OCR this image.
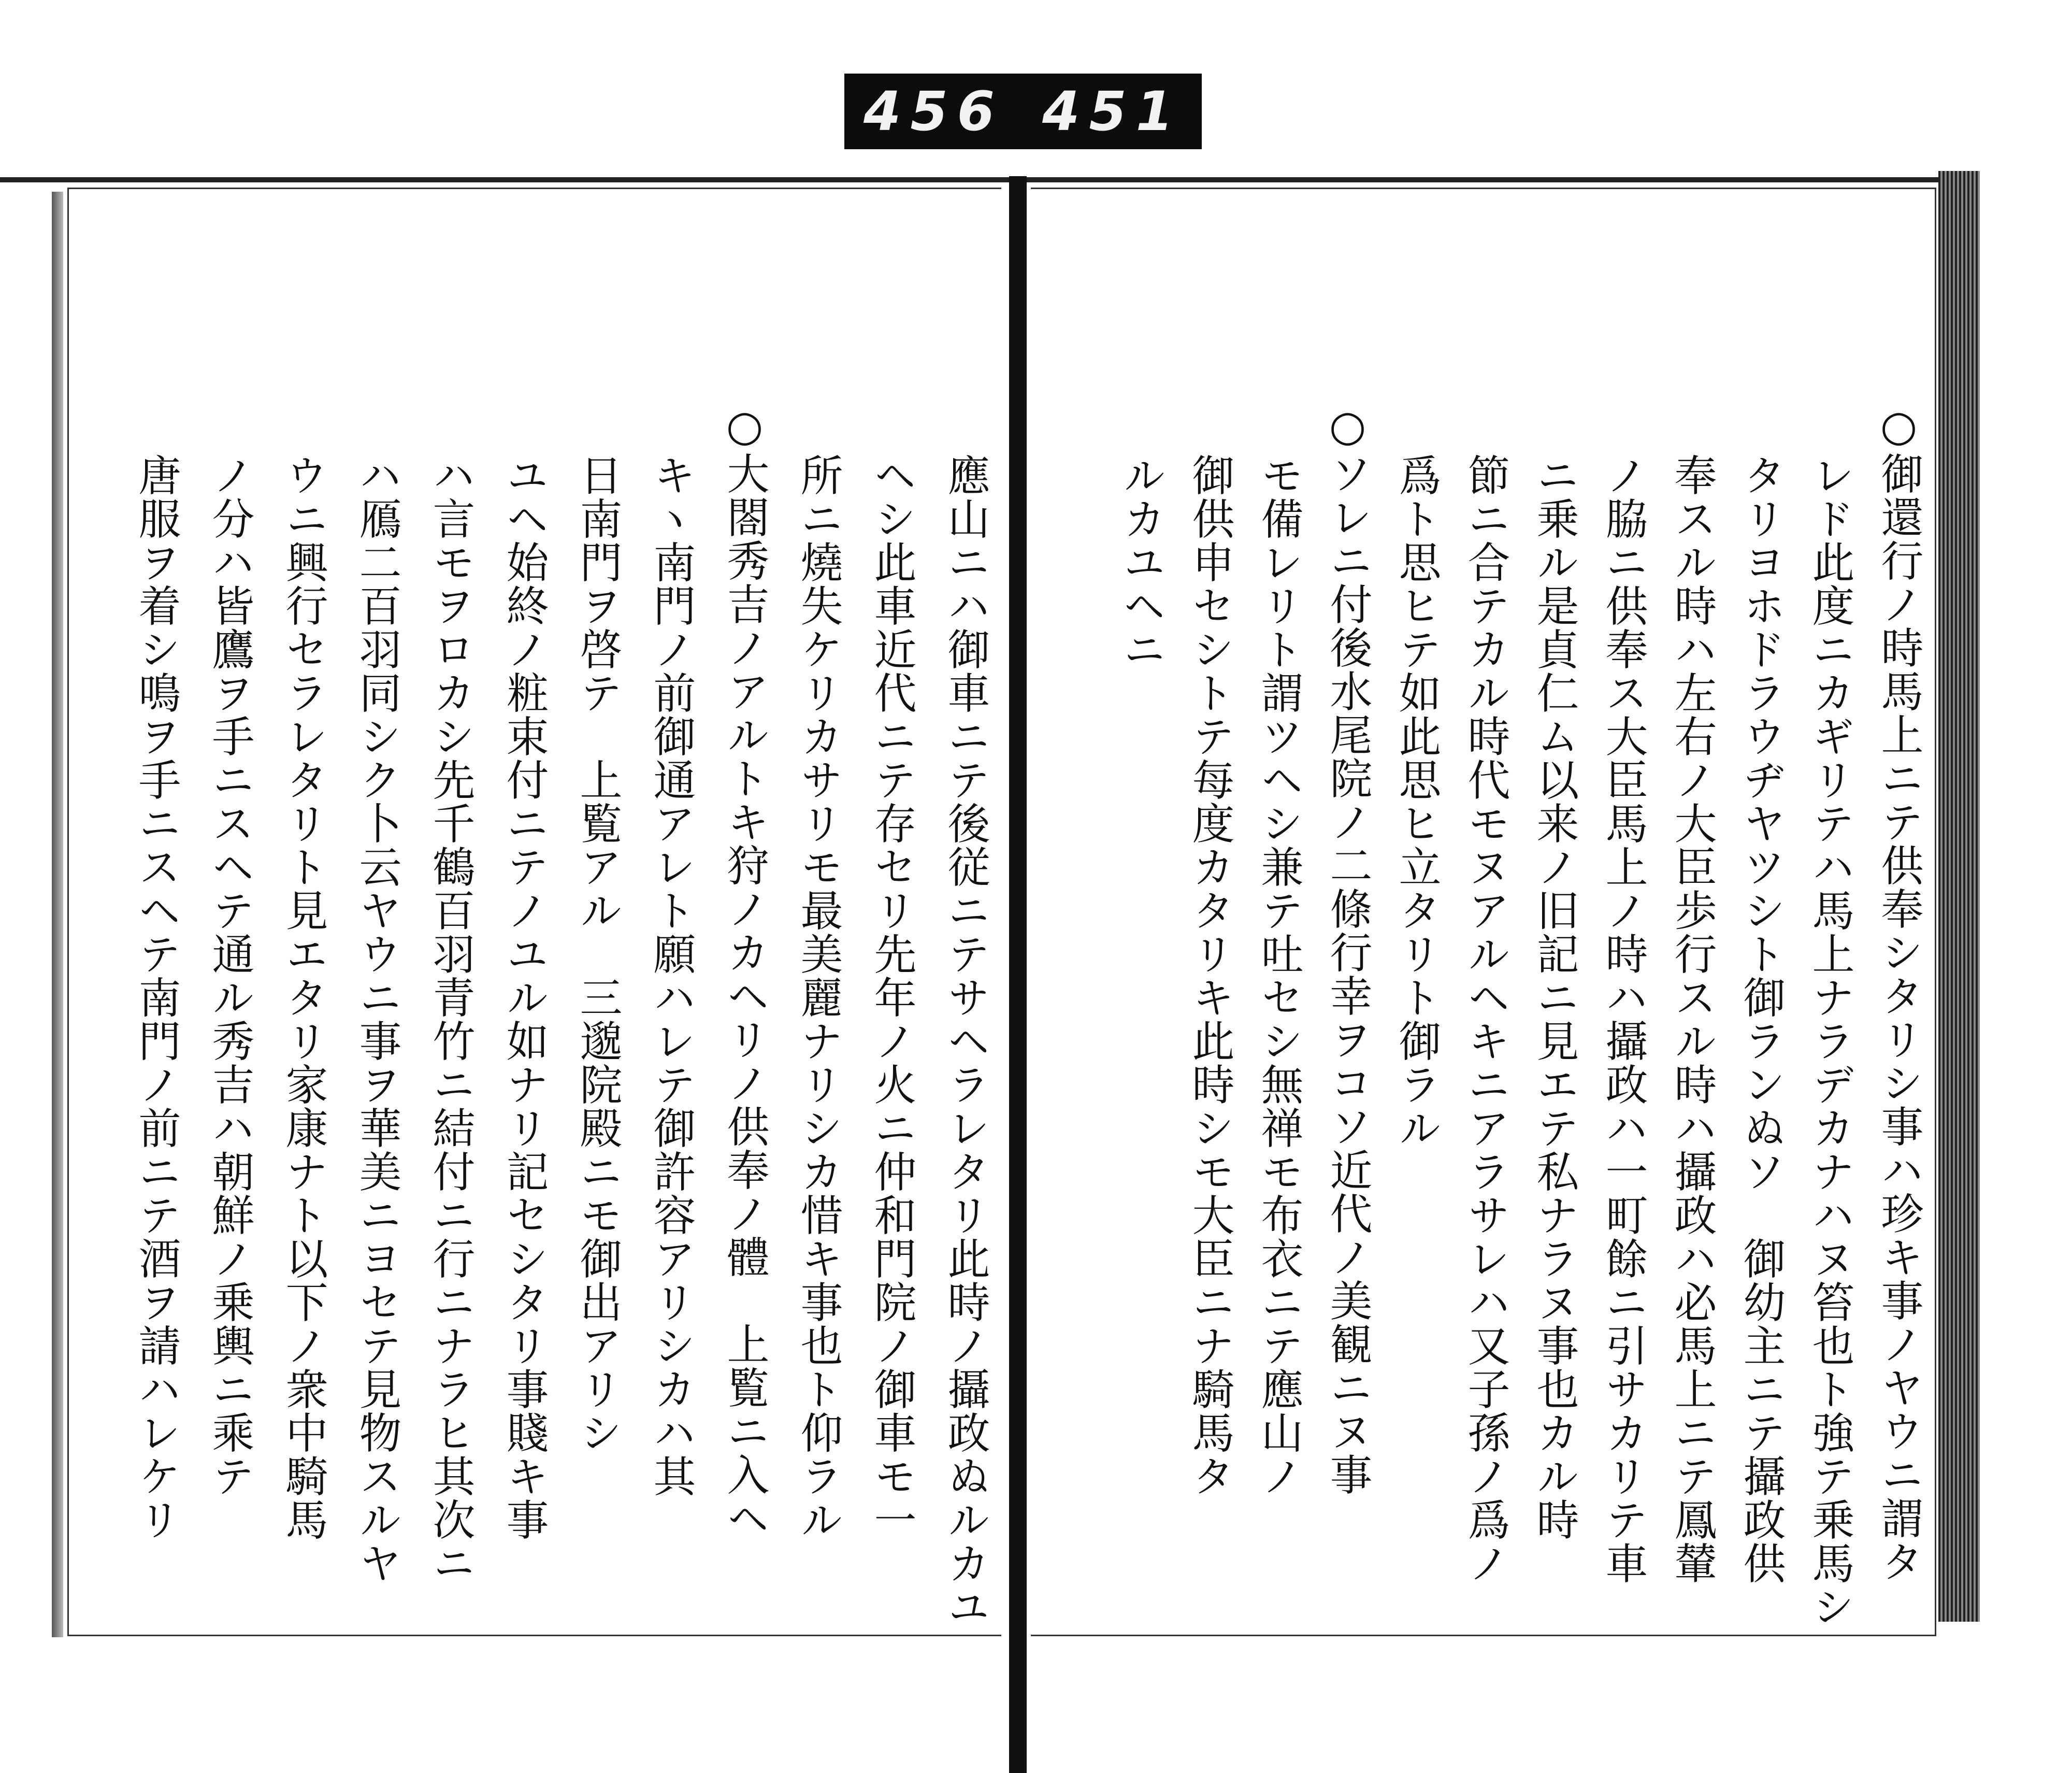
456 451
應山ニハ御車ニテ後従ニテサヘラレタリ此時ノ攝政ぬルカユ
ヘシ此車近代ニテ存セリ先年ノ火ニ仲和門院ノ御車モ一
所ニ燒失ケリカサリモ最美麗ナリシカ惜キ事也ト仰ラル
○大閤秀吉ノアルトキ狩ノカヘリノ供奉ノ體　上覧ニ入ヘ
キヽ南門ノ前御通アレト願ハレテ御許容アリシカハ其
日南門ヲ啓テ　上覧アル　三邈院殿ニモ御出アリシ
ユヘ始終ノ粧束付ニテノユル如ナリ記セシタリ事賤キ事
ハ言モヲロカシ先千鶴百羽青竹ニ結付ニ行ニナラヒ其次ニ
ハ鴈二百羽同シク卜云ヤウニ事ヲ華美ニヨセテ見物スルヤ
ウニ興行セラレタリト見エタリ家康ナト以下ノ衆中騎馬
ノ分ハ皆鷹ヲ手ニスヘテ通ル秀吉ハ朝鮮ノ乗輿ニ乘テ
唐服ヲ着シ鳴ヲ手ニスヘテ南門ノ前ニテ酒ヲ請ハレケリ	○御還行ノ時馬上ニテ供奉シタリシ事ハ珍キ事ノヤウニ謂タ
レド此度ニカギリテハ馬上ナラデカナハヌ笞也ト強テ乗馬シ
タリヨホドラウヂヤツシト御ランぬソ　御幼主ニテ攝政供
奉スル時ハ左右ノ大臣歩行スル時ハ攝政ハ必馬上ニテ鳳輦
ノ脇ニ供奉ス大臣馬上ノ時ハ攝政ハ一町餘ニ引サカリテ車
ニ乗ル是貞仁ム以来ノ旧記ニ見エテ私ナラヌ事也カル時
節ニ合テカル時代モヌアルヘキニアラサレハ又子孫ノ爲ノ
爲ト思ヒテ如此思ヒ立タリト御ラル
○ソレニ付後水尾院ノ二條行幸ヲコソ近代ノ美観ニヌ事
モ備レリト謂ツヘシ兼テ吐セシ無禅モ布衣ニテ應山ノ
御供申セシトテ每度カタリキ此時シモ大臣ニナ騎馬タ
ルカユヘニ
